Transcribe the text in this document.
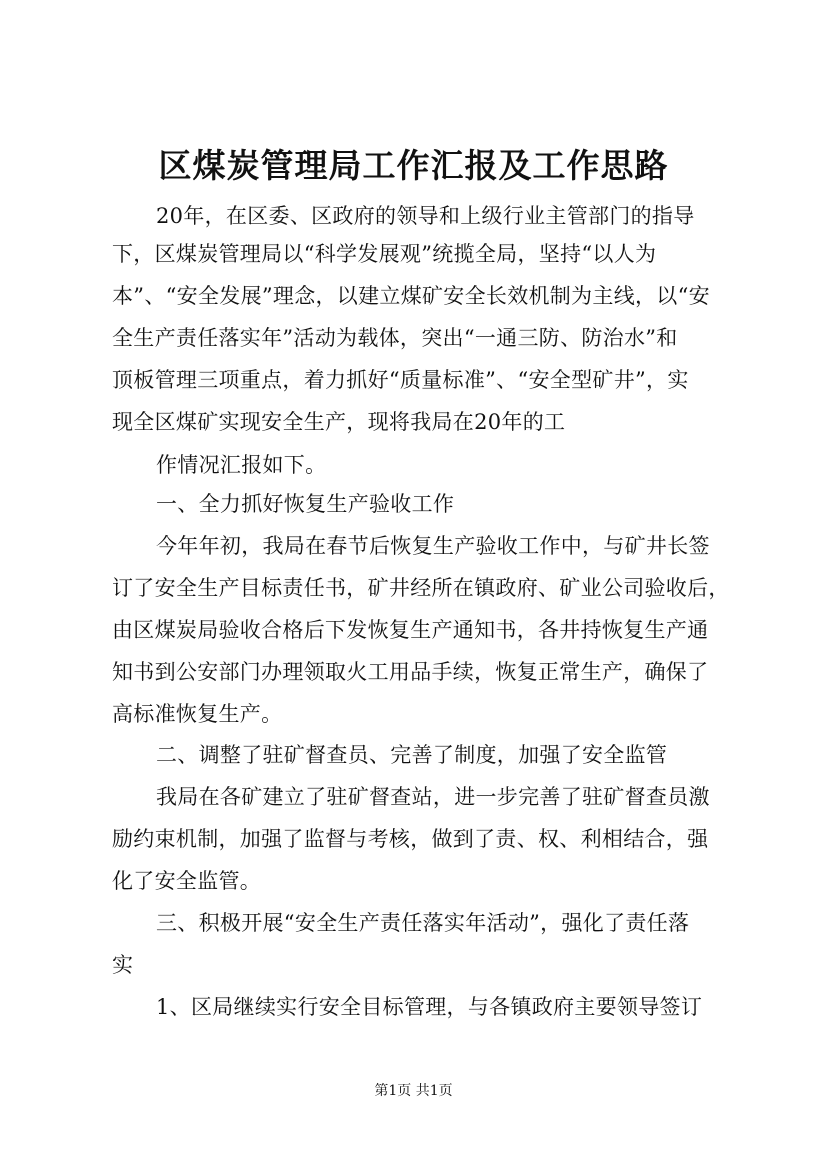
区煤炭管理局工作汇报及工作思路
20年，在区委、区政府的领导和上级行业主管部门的指导
下，区煤炭管理局以“科学发展观”统揽全局，坚持“以人为
本”、“安全发展”理念，以建立煤矿安全长效机制为主线，以“安
全生产责任落实年”活动为载体，突出“一通三防、防治水”和
顶板管理三项重点，着力抓好“质量标准”、“安全型矿井”，实
现全区煤矿实现安全生产，现将我局在20年的工
作情况汇报如下。
一、全力抓好恢复生产验收工作
今年年初，我局在春节后恢复生产验收工作中，与矿井长签
订了安全生产目标责任书，矿井经所在镇政府、矿业公司验收后，
由区煤炭局验收合格后下发恢复生产通知书，各井持恢复生产通
知书到公安部门办理领取火工用品手续，恢复正常生产，确保了
高标准恢复生产。
二、调整了驻矿督查员、完善了制度，加强了安全监管
我局在各矿建立了驻矿督查站，进一步完善了驻矿督查员激
励约束机制，加强了监督与考核，做到了责、权、利相结合，强
化了安全监管。
三、积极开展“安全生产责任落实年活动”，强化了责任落
实
1、区局继续实行安全目标管理，与各镇政府主要领导签订
第1页 共1页
